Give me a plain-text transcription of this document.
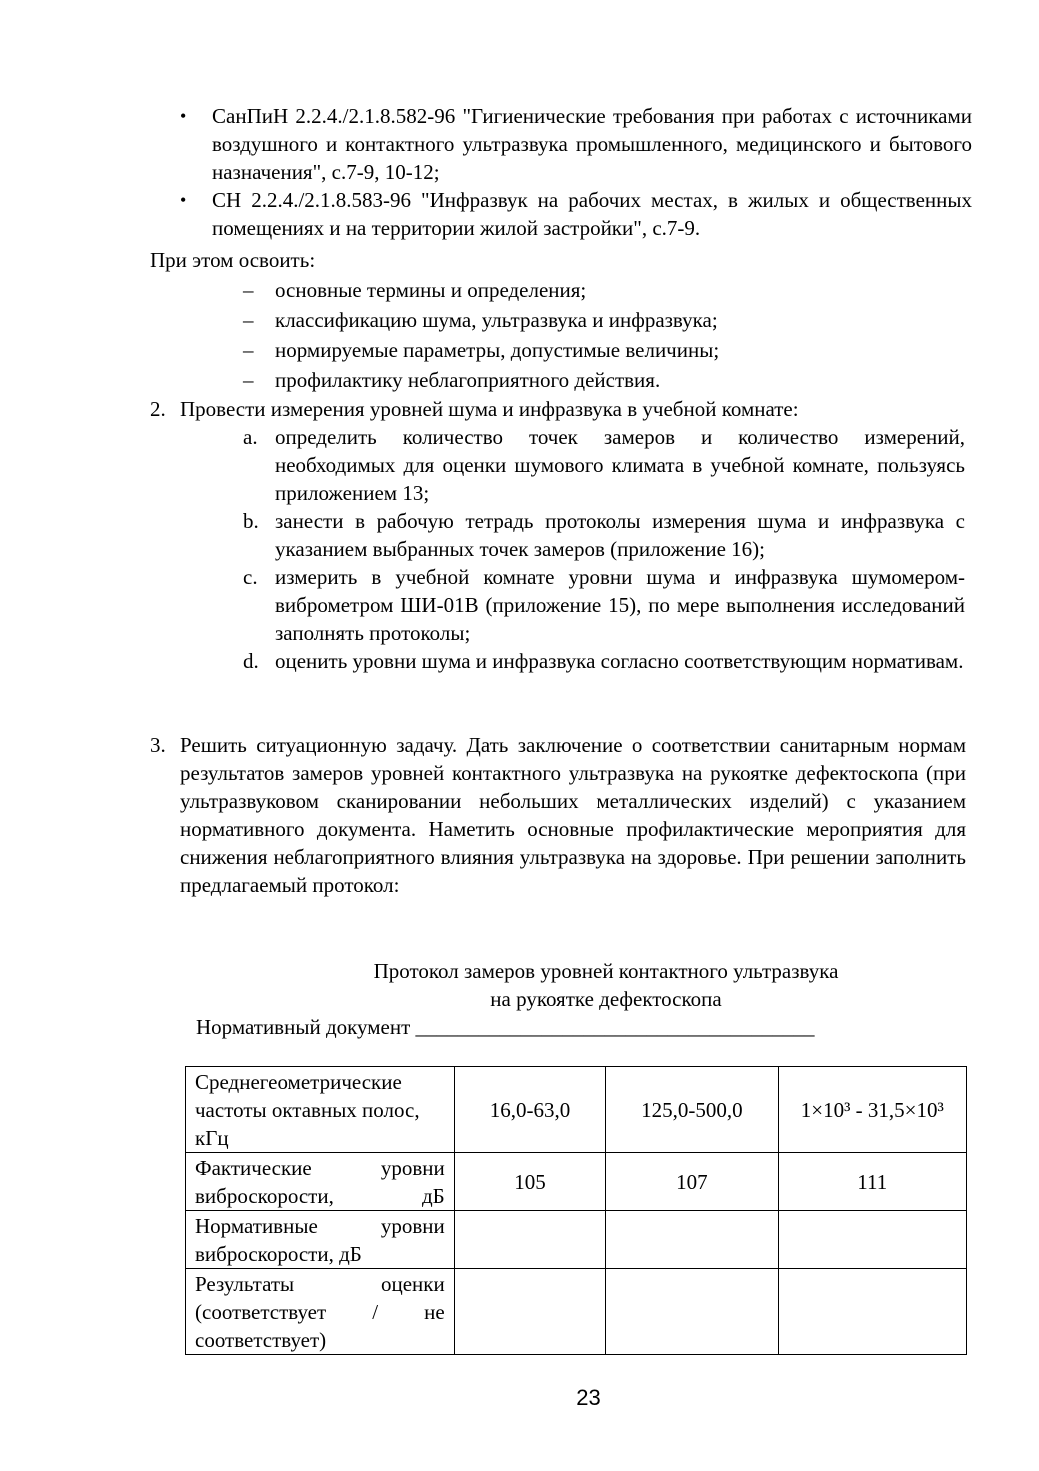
•	СанПиН 2.2.4./2.1.8.582-96 "Гигиенические требования при работах с источниками воздушного и контактного ультразвука промышленного, медицинского и бытового назначения", с.7-9, 10-12;
•	СН 2.2.4./2.1.8.583-96 "Инфразвук на рабочих местах, в жилых и общественных помещениях и на территории жилой застройки", с.7-9.
При этом освоить:
–	основные термины и определения;
–	классификацию шума, ультразвука и инфразвука;
–	нормируемые параметры, допустимые величины;
–	профилактику неблагоприятного действия.
2. Провести измерения уровней шума и инфразвука в учебной комнате:
a. определить количество точек замеров и количество измерений, необходимых для оценки шумового климата в учебной комнате, пользуясь приложением 13;
b. занести в рабочую тетрадь протоколы измерения шума и инфразвука с указанием выбранных точек замеров (приложение 16);
c. измерить в учебной комнате уровни шума и инфразвука шумомером-виброметром ШИ-01В (приложение 15), по мере выполнения исследований заполнять протоколы;
d. оценить уровни шума и инфразвука согласно соответствующим нормативам.
3. Решить ситуационную задачу. Дать заключение о соответствии санитарным нормам результатов замеров уровней контактного ультразвука на рукоятке дефектоскопа (при ультразвуковом сканировании небольших металлических изделий) с указанием нормативного документа. Наметить основные профилактические мероприятия для снижения неблагоприятного влияния ультразвука на здоровье. При решении заполнить предлагаемый протокол:
Протокол замеров уровней контактного ультразвука
на рукоятке дефектоскопа
Нормативный документ ______________________________________
Среднегеометрические частоты октавных полос, кГц	16,0-63,0	125,0-500,0	1×10³ - 31,5×10³
Фактические уровни виброскорости, дБ	105	107	111
Нормативные уровни виброскорости, дБ			
Результаты оценки (соответствует / не соответствует)			
23
